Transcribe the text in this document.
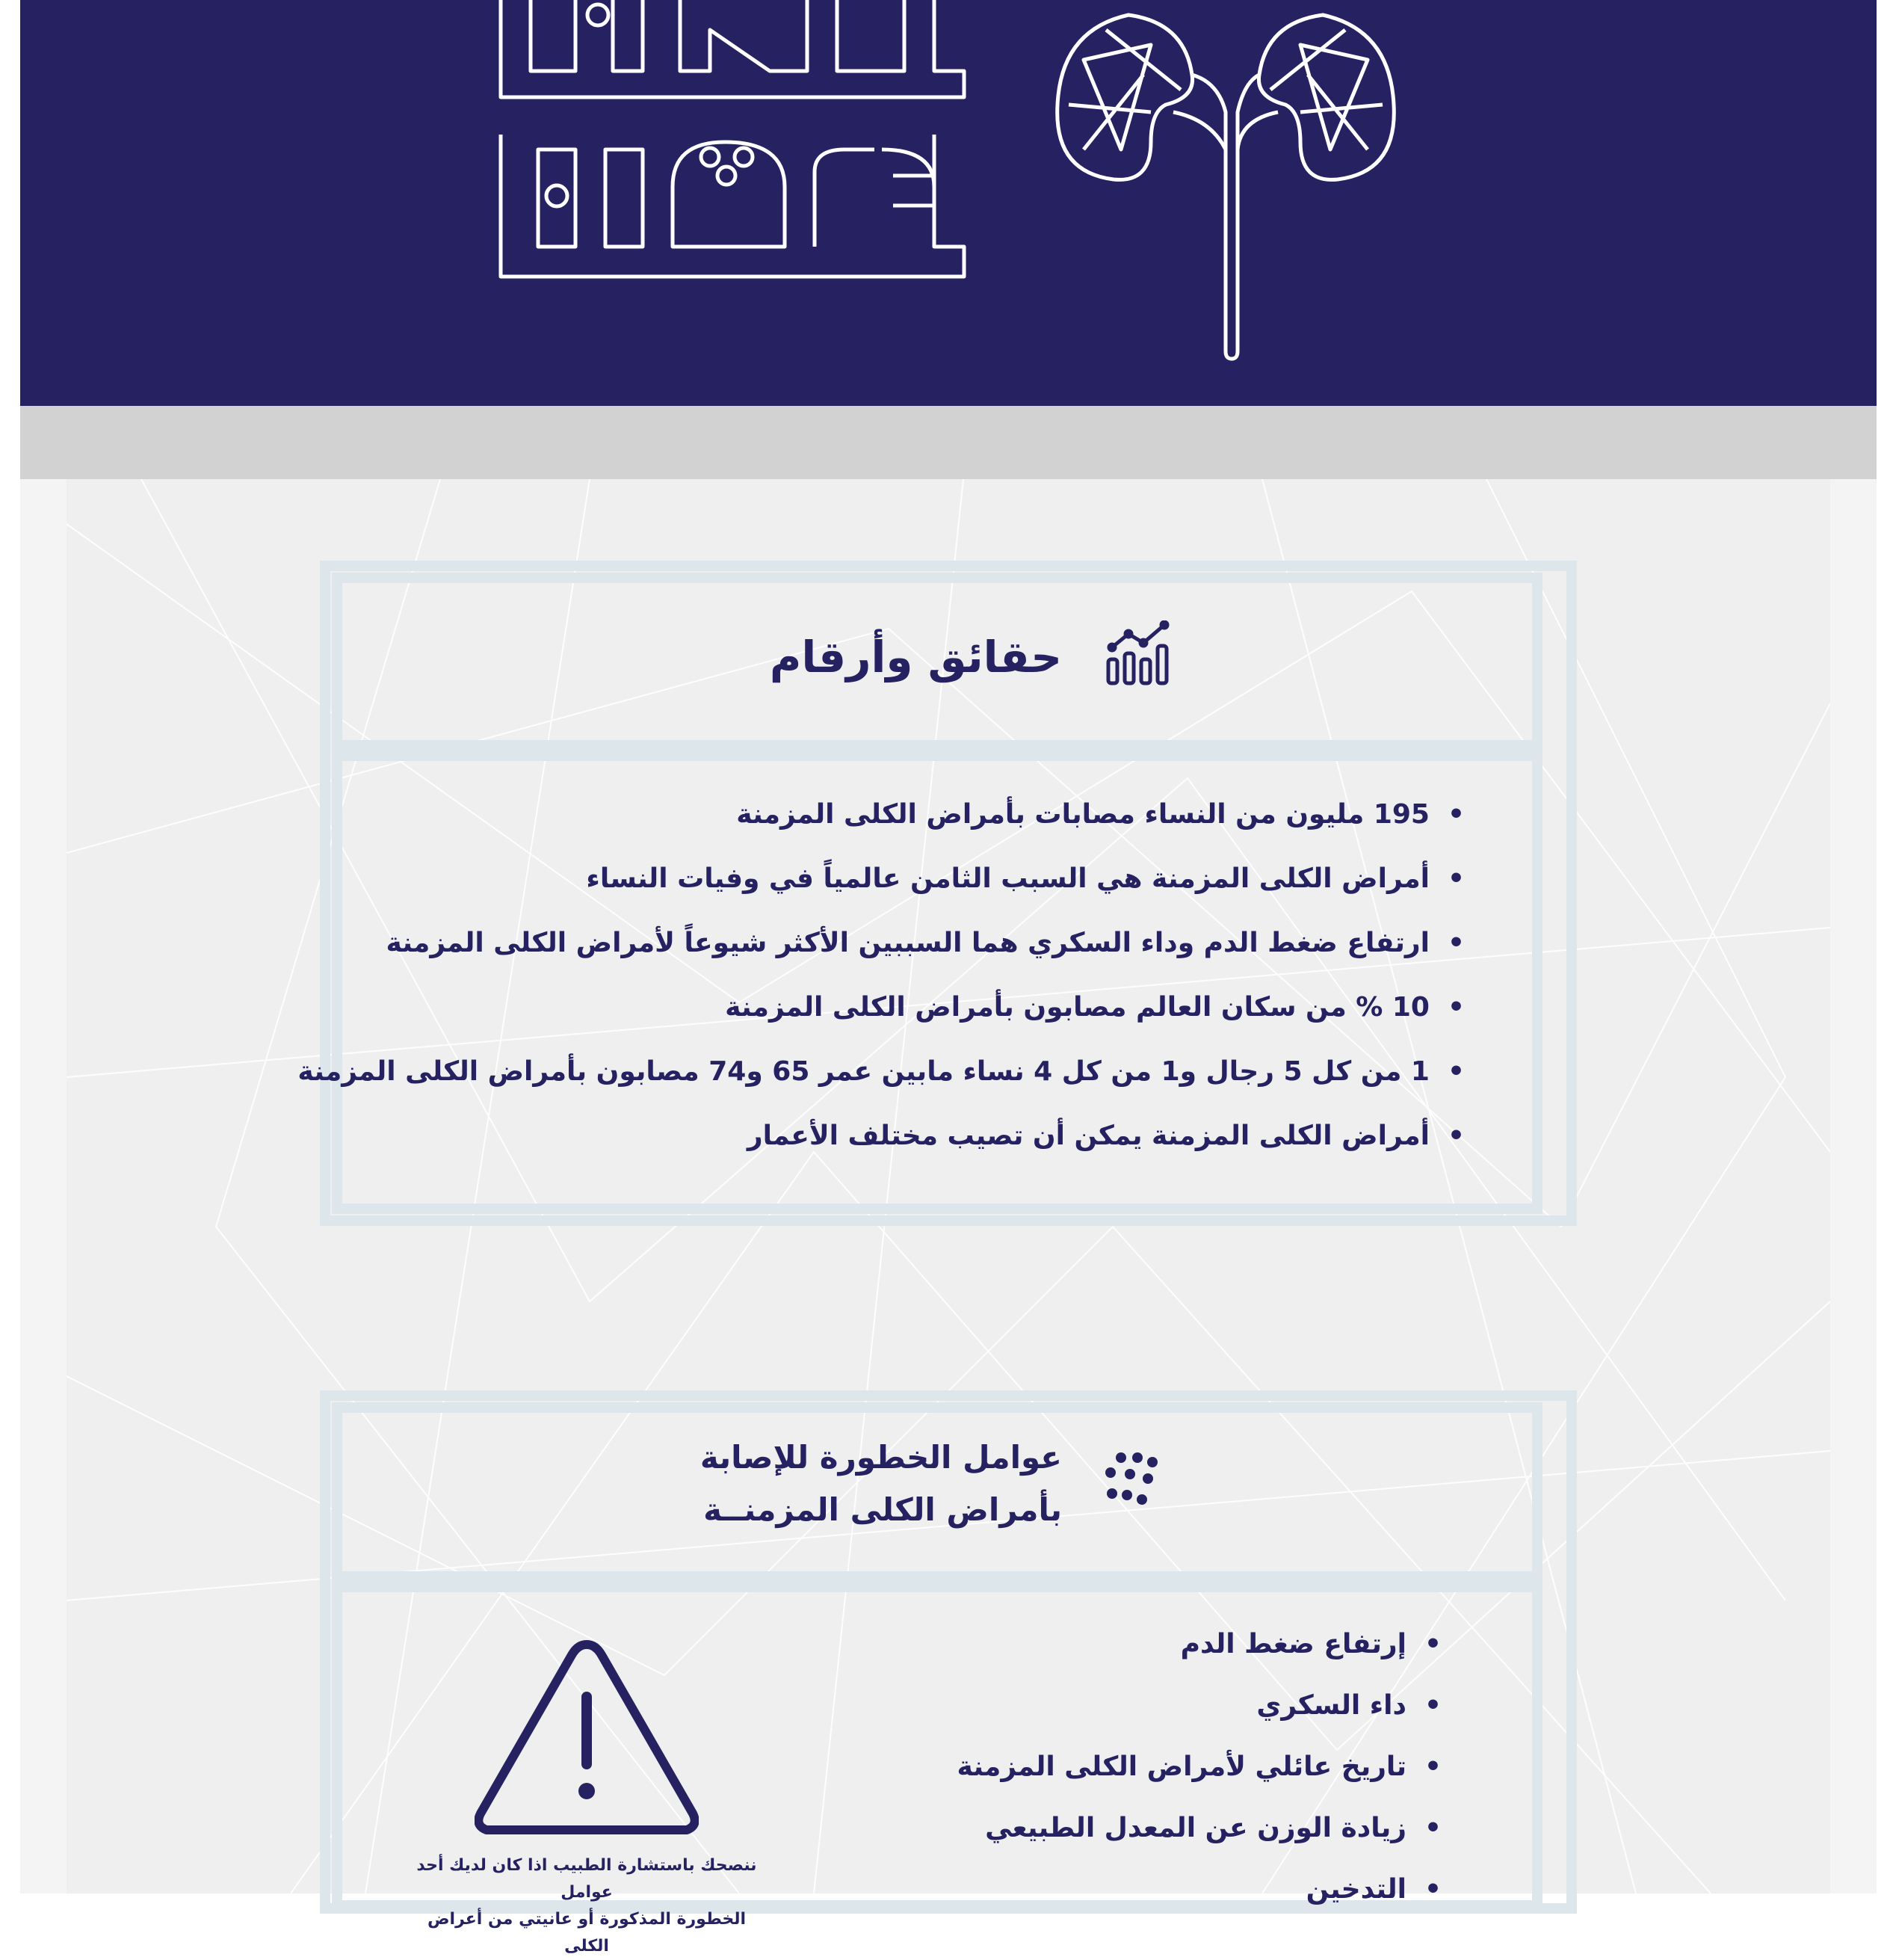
حقائق وأرقام
• 195 مليون من النساء مصابات بأمراض الكلى المزمنة
• أمراض الكلى المزمنة هي السبب الثامن عالمياً في وفيات النساء
• ارتفاع ضغط الدم وداء السكري هما السببين الأكثر شيوعاً لأمراض الكلى المزمنة
• 10 % من سكان العالم مصابون بأمراض الكلى المزمنة
• 1 من كل 5 رجال و1 من كل 4 نساء مابين عمر 65 و74 مصابون بأمراض الكلى المزمنة
• أمراض الكلى المزمنة يمكن أن تصيب مختلف الأعمار
عوامل الخطورة للإصابة
بأمراض الكلى المزمنــة
• إرتفاع ضغط الدم
• داء السكري
• تاريخ عائلي لأمراض الكلى المزمنة
• زيادة الوزن عن المعدل الطبيعي
• التدخين
ننصحك باستشارة الطبيب اذا كان لديك أحد عوامل
الخطورة المذكورة أو عانيتي من أعراض الكلى
